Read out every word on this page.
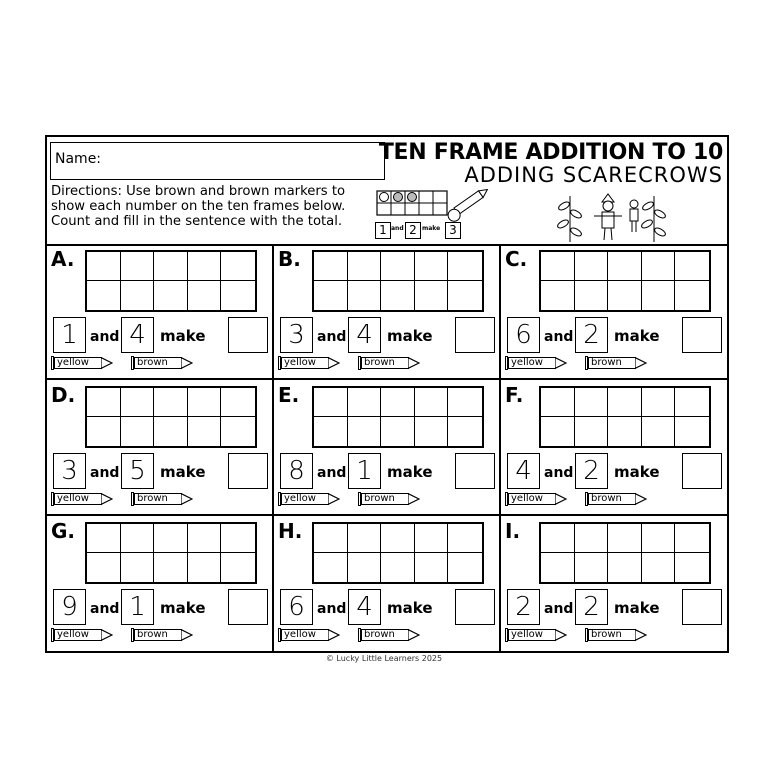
Name:
Directions: Use brown and brown markers to show each number on the ten frames below. Count and fill in the sentence with the total.
TEN FRAME ADDITION TO 10
ADDING SCARECROWS
1 and 2 make 3
A.
1 and 4 make
yellow	brown
B.
3 and 4 make
yellow	brown
C.
6 and 2 make
yellow	brown
D.
3 and 5 make
yellow	brown
E.
8 and 1 make
yellow	brown
F.
4 and 2 make
yellow	brown
G.
9 and 1 make
yellow	brown
H.
6 and 4 make
yellow	brown
I.
2 and 2 make
yellow	brown
© Lucky Little Learners 2025
